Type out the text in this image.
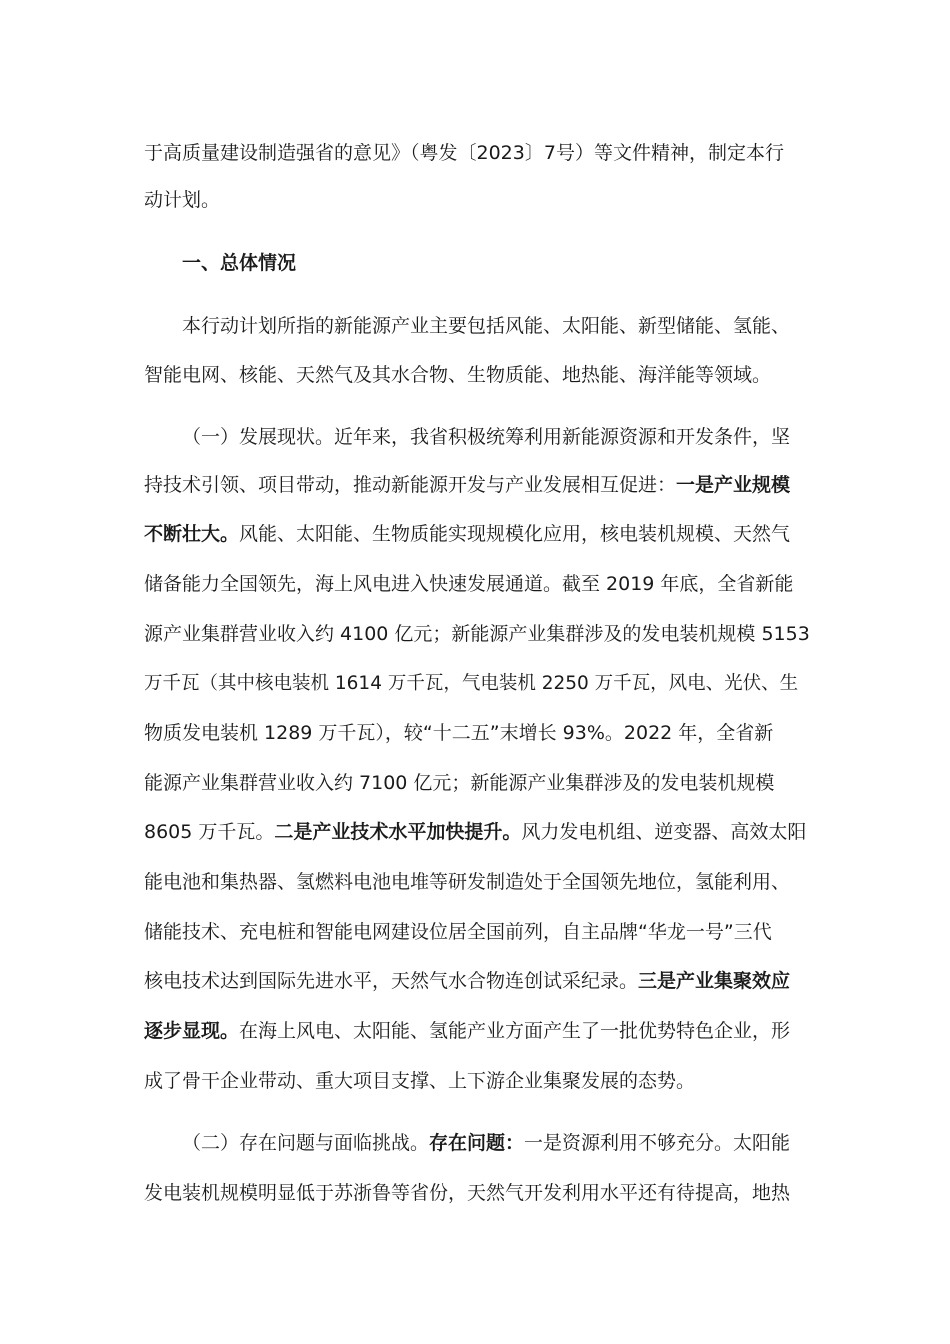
于高质量建设制造强省的意见》（粤发〔2023〕7号）等文件精神，制定本行
动计划。
一、总体情况
本行动计划所指的新能源产业主要包括风能、太阳能、新型储能、氢能、
智能电网、核能、天然气及其水合物、生物质能、地热能、海洋能等领域。
（一）发展现状。近年来，我省积极统筹利用新能源资源和开发条件，坚
持技术引领、项目带动，推动新能源开发与产业发展相互促进：一是产业规模
不断壮大。风能、太阳能、生物质能实现规模化应用，核电装机规模、天然气
储备能力全国领先，海上风电进入快速发展通道。截至 2019 年底，全省新能
源产业集群营业收入约 4100 亿元；新能源产业集群涉及的发电装机规模 5153
万千瓦（其中核电装机 1614 万千瓦，气电装机 2250 万千瓦，风电、光伏、生
物质发电装机 1289 万千瓦），较“十二五”末增长 93%。2022 年，全省新
能源产业集群营业收入约 7100 亿元；新能源产业集群涉及的发电装机规模
8605 万千瓦。二是产业技术水平加快提升。风力发电机组、逆变器、高效太阳
能电池和集热器、氢燃料电池电堆等研发制造处于全国领先地位，氢能利用、
储能技术、充电桩和智能电网建设位居全国前列，自主品牌“华龙一号”三代
核电技术达到国际先进水平，天然气水合物连创试采纪录。三是产业集聚效应
逐步显现。在海上风电、太阳能、氢能产业方面产生了一批优势特色企业，形
成了骨干企业带动、重大项目支撑、上下游企业集聚发展的态势。
（二）存在问题与面临挑战。存在问题：一是资源利用不够充分。太阳能
发电装机规模明显低于苏浙鲁等省份，天然气开发利用水平还有待提高，地热
